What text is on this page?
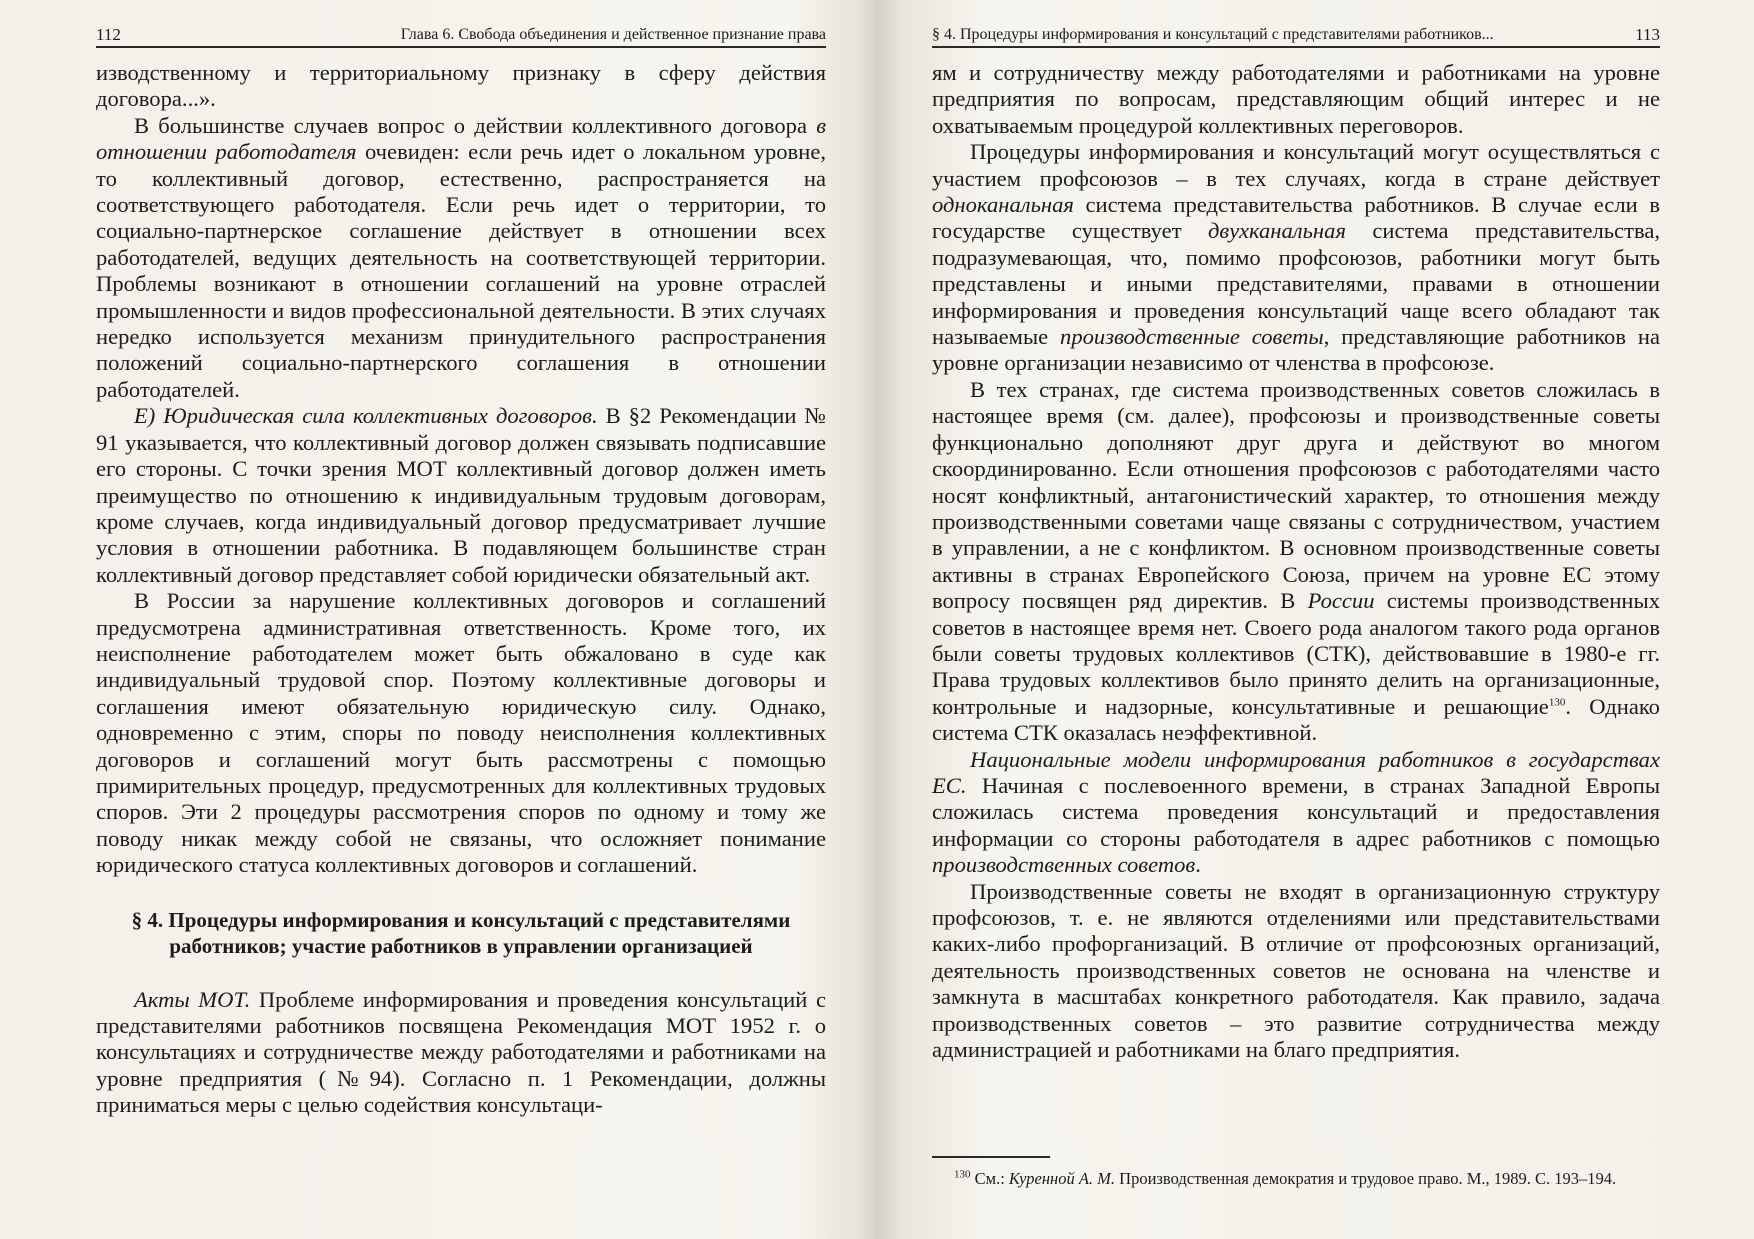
112	Глава 6. Свобода объединения и действенное признание права

изводственному и территориальному признаку в сферу действия договора...».

В большинстве случаев вопрос о действии коллективного договора в отношении работодателя очевиден: если речь идет о локальном уровне, то коллективный договор, естественно, распространяется на соответствующего работодателя. Если речь идет о территории, то социально-партнерское соглашение действует в отношении всех работодателей, ведущих деятельность на соответствующей территории. Проблемы возникают в отношении соглашений на уровне отраслей промышленности и видов профессиональной деятельности. В этих случаях нередко используется механизм принудительного распространения положений социально-партнерского соглашения в отношении работодателей.

Е) Юридическая сила коллективных договоров. В §2 Рекомендации № 91 указывается, что коллективный договор должен связывать подписавшие его стороны. С точки зрения МОТ коллективный договор должен иметь преимущество по отношению к индивидуальным трудовым договорам, кроме случаев, когда индивидуальный договор предусматривает лучшие условия в отношении работника. В подавляющем большинстве стран коллективный договор представляет собой юридически обязательный акт.

В России за нарушение коллективных договоров и соглашений предусмотрена административная ответственность. Кроме того, их неисполнение работодателем может быть обжаловано в суде как индивидуальный трудовой спор. Поэтому коллективные договоры и соглашения имеют обязательную юридическую силу. Однако, одновременно с этим, споры по поводу неисполнения коллективных договоров и соглашений могут быть рассмотрены с помощью примирительных процедур, предусмотренных для коллективных трудовых споров. Эти 2 процедуры рассмотрения споров по одному и тому же поводу никак между собой не связаны, что осложняет понимание юридического статуса коллективных договоров и соглашений.

§ 4. Процедуры информирования и консультаций с представителями
работников; участие работников в управлении организацией

Акты МОТ. Проблеме информирования и проведения консультаций с представителями работников посвящена Рекомендация МОТ 1952 г. о консультациях и сотрудничестве между работодателями и работниками на уровне предприятия (№94). Согласно п. 1 Рекомендации, должны приниматься меры с целью содействия консультаци-

§ 4. Процедуры информирования и консультаций с представителями работников...	113

ям и сотрудничеству между работодателями и работниками на уровне предприятия по вопросам, представляющим общий интерес и не охватываемым процедурой коллективных переговоров.

Процедуры информирования и консультаций могут осуществляться с участием профсоюзов – в тех случаях, когда в стране действует одноканальная система представительства работников. В случае если в государстве существует двухканальная система представительства, подразумевающая, что, помимо профсоюзов, работники могут быть представлены и иными представителями, правами в отношении информирования и проведения консультаций чаще всего обладают так называемые производственные советы, представляющие работников на уровне организации независимо от членства в профсоюзе.

В тех странах, где система производственных советов сложилась в настоящее время (см. далее), профсоюзы и производственные советы функционально дополняют друг друга и действуют во многом скоординированно. Если отношения профсоюзов с работодателями часто носят конфликтный, антагонистический характер, то отношения между производственными советами чаще связаны с сотрудничеством, участием в управлении, а не с конфликтом. В основном производственные советы активны в странах Европейского Союза, причем на уровне ЕС этому вопросу посвящен ряд директив. В России системы производственных советов в настоящее время нет. Своего рода аналогом такого рода органов были советы трудовых коллективов (СТК), действовавшие в 1980-е гг. Права трудовых коллективов было принято делить на организационные, контрольные и надзорные, консультативные и решающие$^{130}$. Однако система СТК оказалась неэффективной.

Национальные модели информирования работников в государствах ЕС. Начиная с послевоенного времени, в странах Западной Европы сложилась система проведения консультаций и предоставления информации со стороны работодателя в адрес работников с помощью производственных советов.

Производственные советы не входят в организационную структуру профсоюзов, т. е. не являются отделениями или представительствами каких-либо профорганизаций. В отличие от профсоюзных организаций, деятельность производственных советов не основана на членстве и замкнута в масштабах конкретного работодателя. Как правило, задача производственных советов – это развитие сотрудничества между администрацией и работниками на благо предприятия.

$^{130}$ См.: Куренной А. М. Производственная демократия и трудовое право. М., 1989. С. 193–194.
